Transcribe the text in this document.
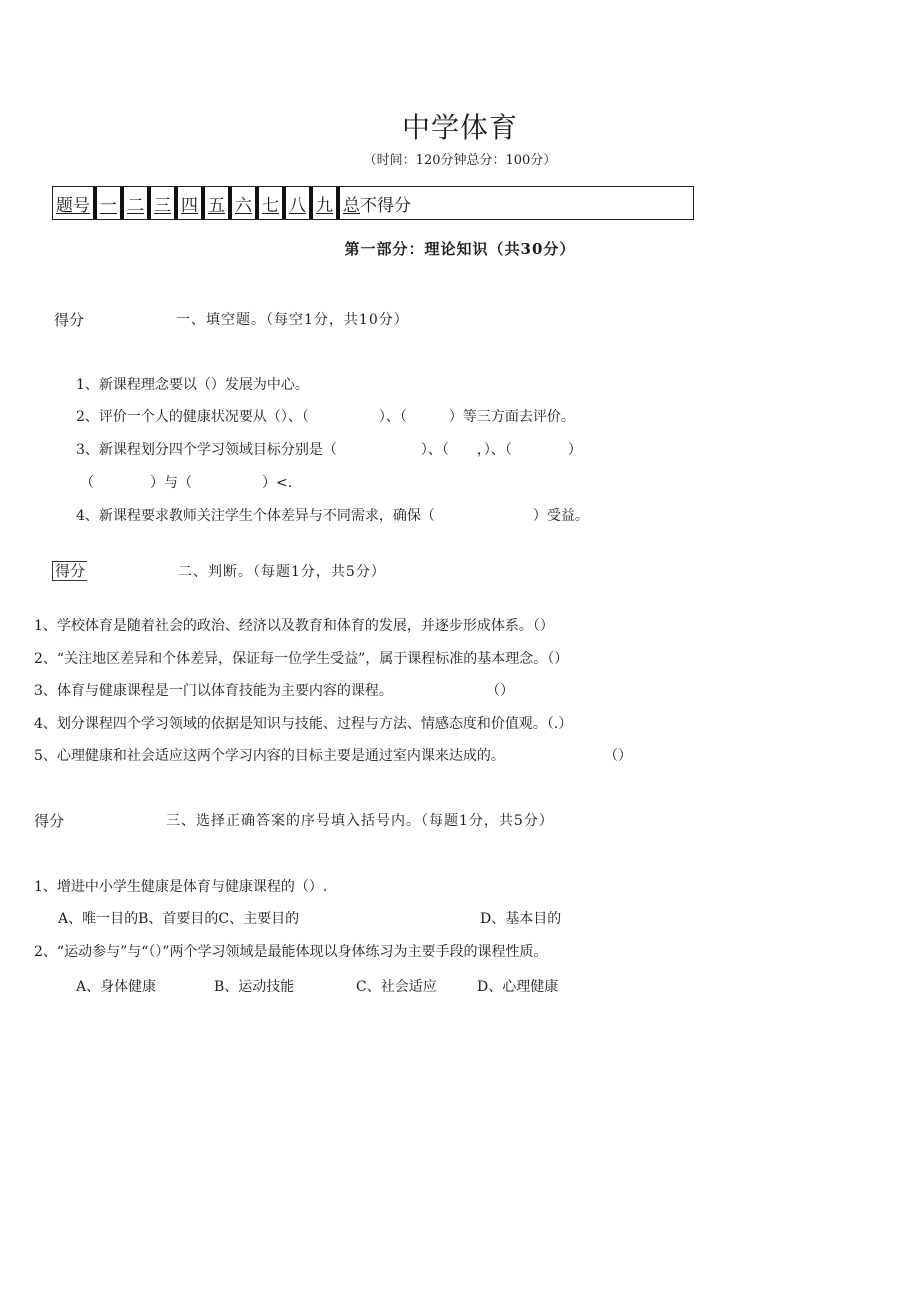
中学体育
（时间：120分钟总分：100分）
题号 一 二 三 四 五 六 七 八 九 总 不得分
第一部分：理论知识（共30分）
得分	一、填空题。（每空1分，共10分）
1、新课程理念要以（）发展为中心。
2、评价一个人的健康状况要从（）、（　　　　　）、（　　　）等三方面去评价。
3、新课程划分四个学习领域目标分别是（　　　　　　）、（　　，）、（　　　　）
（　　　　）与（　　　　　）<.
4、新课程要求教师关注学生个体差异与不同需求，确保（　　　　　　　）受益。
得分	二、判断。（每题1分，共5分）
1、学校体育是随着社会的政治、经济以及教育和体育的发展，并逐步形成体系。（）
2、“关注地区差异和个体差异，保证每一位学生受益”，属于课程标准的基本理念。（）
3、体育与健康课程是一门以体育技能为主要内容的课程。	（）
4、划分课程四个学习领域的依据是知识与技能、过程与方法、情感态度和价值观。（.）
5、心理健康和社会适应这两个学习内容的目标主要是通过室内课来达成的。	（）
得分	三、选择正确答案的序号填入括号内。（每题1分，共5分）
1、增进中小学生健康是体育与健康课程的（）.
A、唯一目的B、首要目的C、主要目的	D、基本目的
2、“运动参与”与“（）”两个学习领域是最能体现以身体练习为主要手段的课程性质。
A、身体健康	B、运动技能	C、社会适应	D、心理健康
